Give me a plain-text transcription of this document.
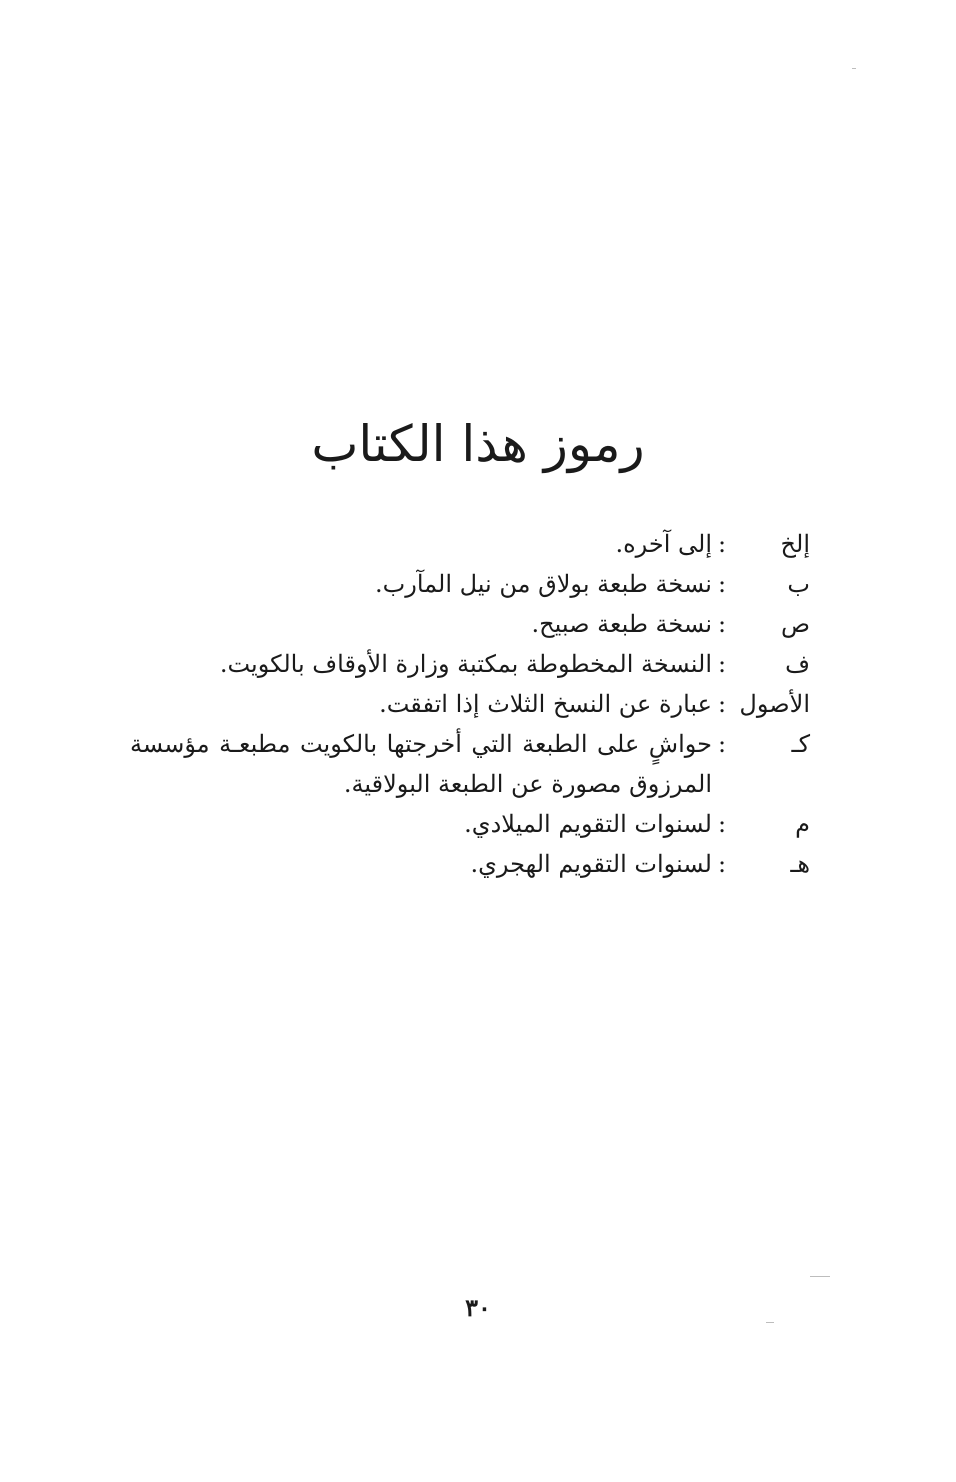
رموز هذا الكتاب
إلخ
:
إلى آخره.
ب
:
نسخة طبعة بولاق من نيل المآرب.
ص
:
نسخة طبعة صبيح.
ف
:
النسخة المخطوطة بمكتبة وزارة الأوقاف بالكويت.
الأصول
:
عبارة عن النسخ الثلاث إذا اتفقت.
كـ
:
حواشٍ على الطبعة التي أخرجتها بالكويت مطبعـة مؤسسة
المرزوق مصورة عن الطبعة البولاقية.
م
:
لسنوات التقويم الميلادي.
هـ
:
لسنوات التقويم الهجري.
٣٠
